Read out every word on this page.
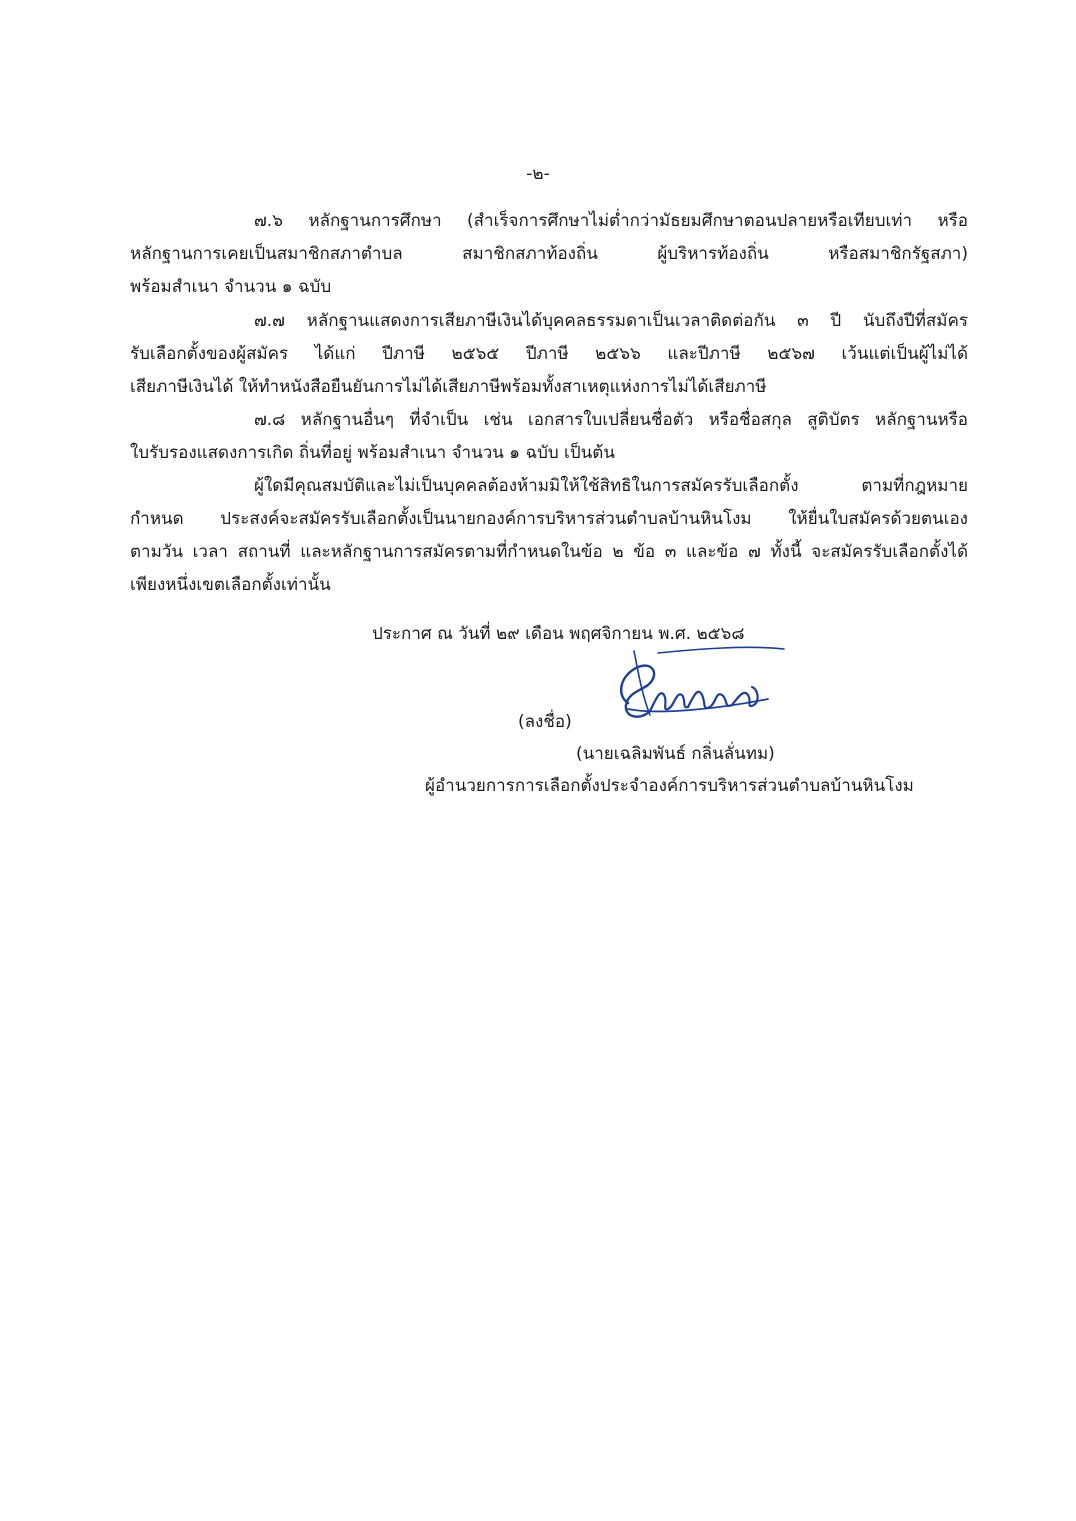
-๒-
๗.๖ หลักฐานการศึกษา (สำเร็จการศึกษาไม่ต่ำกว่ามัธยมศึกษาตอนปลายหรือเทียบเท่า หรือ
หลักฐานการเคยเป็นสมาชิกสภาตำบล สมาชิกสภาท้องถิ่น ผู้บริหารท้องถิ่น หรือสมาชิกรัฐสภา)
พร้อมสำเนา จำนวน ๑ ฉบับ
๗.๗ หลักฐานแสดงการเสียภาษีเงินได้บุคคลธรรมดาเป็นเวลาติดต่อกัน ๓ ปี นับถึงปีที่สมัคร
รับเลือกตั้งของผู้สมัคร ได้แก่ ปีภาษี ๒๕๖๕ ปีภาษี ๒๕๖๖ และปีภาษี ๒๕๖๗ เว้นแต่เป็นผู้ไม่ได้
เสียภาษีเงินได้ ให้ทำหนังสือยืนยันการไม่ได้เสียภาษีพร้อมทั้งสาเหตุแห่งการไม่ได้เสียภาษี
๗.๘ หลักฐานอื่นๆ ที่จำเป็น เช่น เอกสารใบเปลี่ยนชื่อตัว หรือชื่อสกุล สูติบัตร หลักฐานหรือ
ใบรับรองแสดงการเกิด ถิ่นที่อยู่ พร้อมสำเนา จำนวน ๑ ฉบับ เป็นต้น
ผู้ใดมีคุณสมบัติและไม่เป็นบุคคลต้องห้ามมิให้ใช้สิทธิในการสมัครรับเลือกตั้ง ตามที่กฎหมาย
กำหนด ประสงค์จะสมัครรับเลือกตั้งเป็นนายกองค์การบริหารส่วนตำบลบ้านหินโงม ให้ยื่นใบสมัครด้วยตนเอง
ตามวัน เวลา สถานที่ และหลักฐานการสมัครตามที่กำหนดในข้อ ๒ ข้อ ๓ และข้อ ๗ ทั้งนี้ จะสมัครรับเลือกตั้งได้
เพียงหนึ่งเขตเลือกตั้งเท่านั้น
ประกาศ ณ วันที่ ๒๙ เดือน พฤศจิกายน พ.ศ. ๒๕๖๘
(ลงชื่อ)
(นายเฉลิมพันธ์ กลิ่นลั่นทม)
ผู้อำนวยการการเลือกตั้งประจำองค์การบริหารส่วนตำบลบ้านหินโงม
